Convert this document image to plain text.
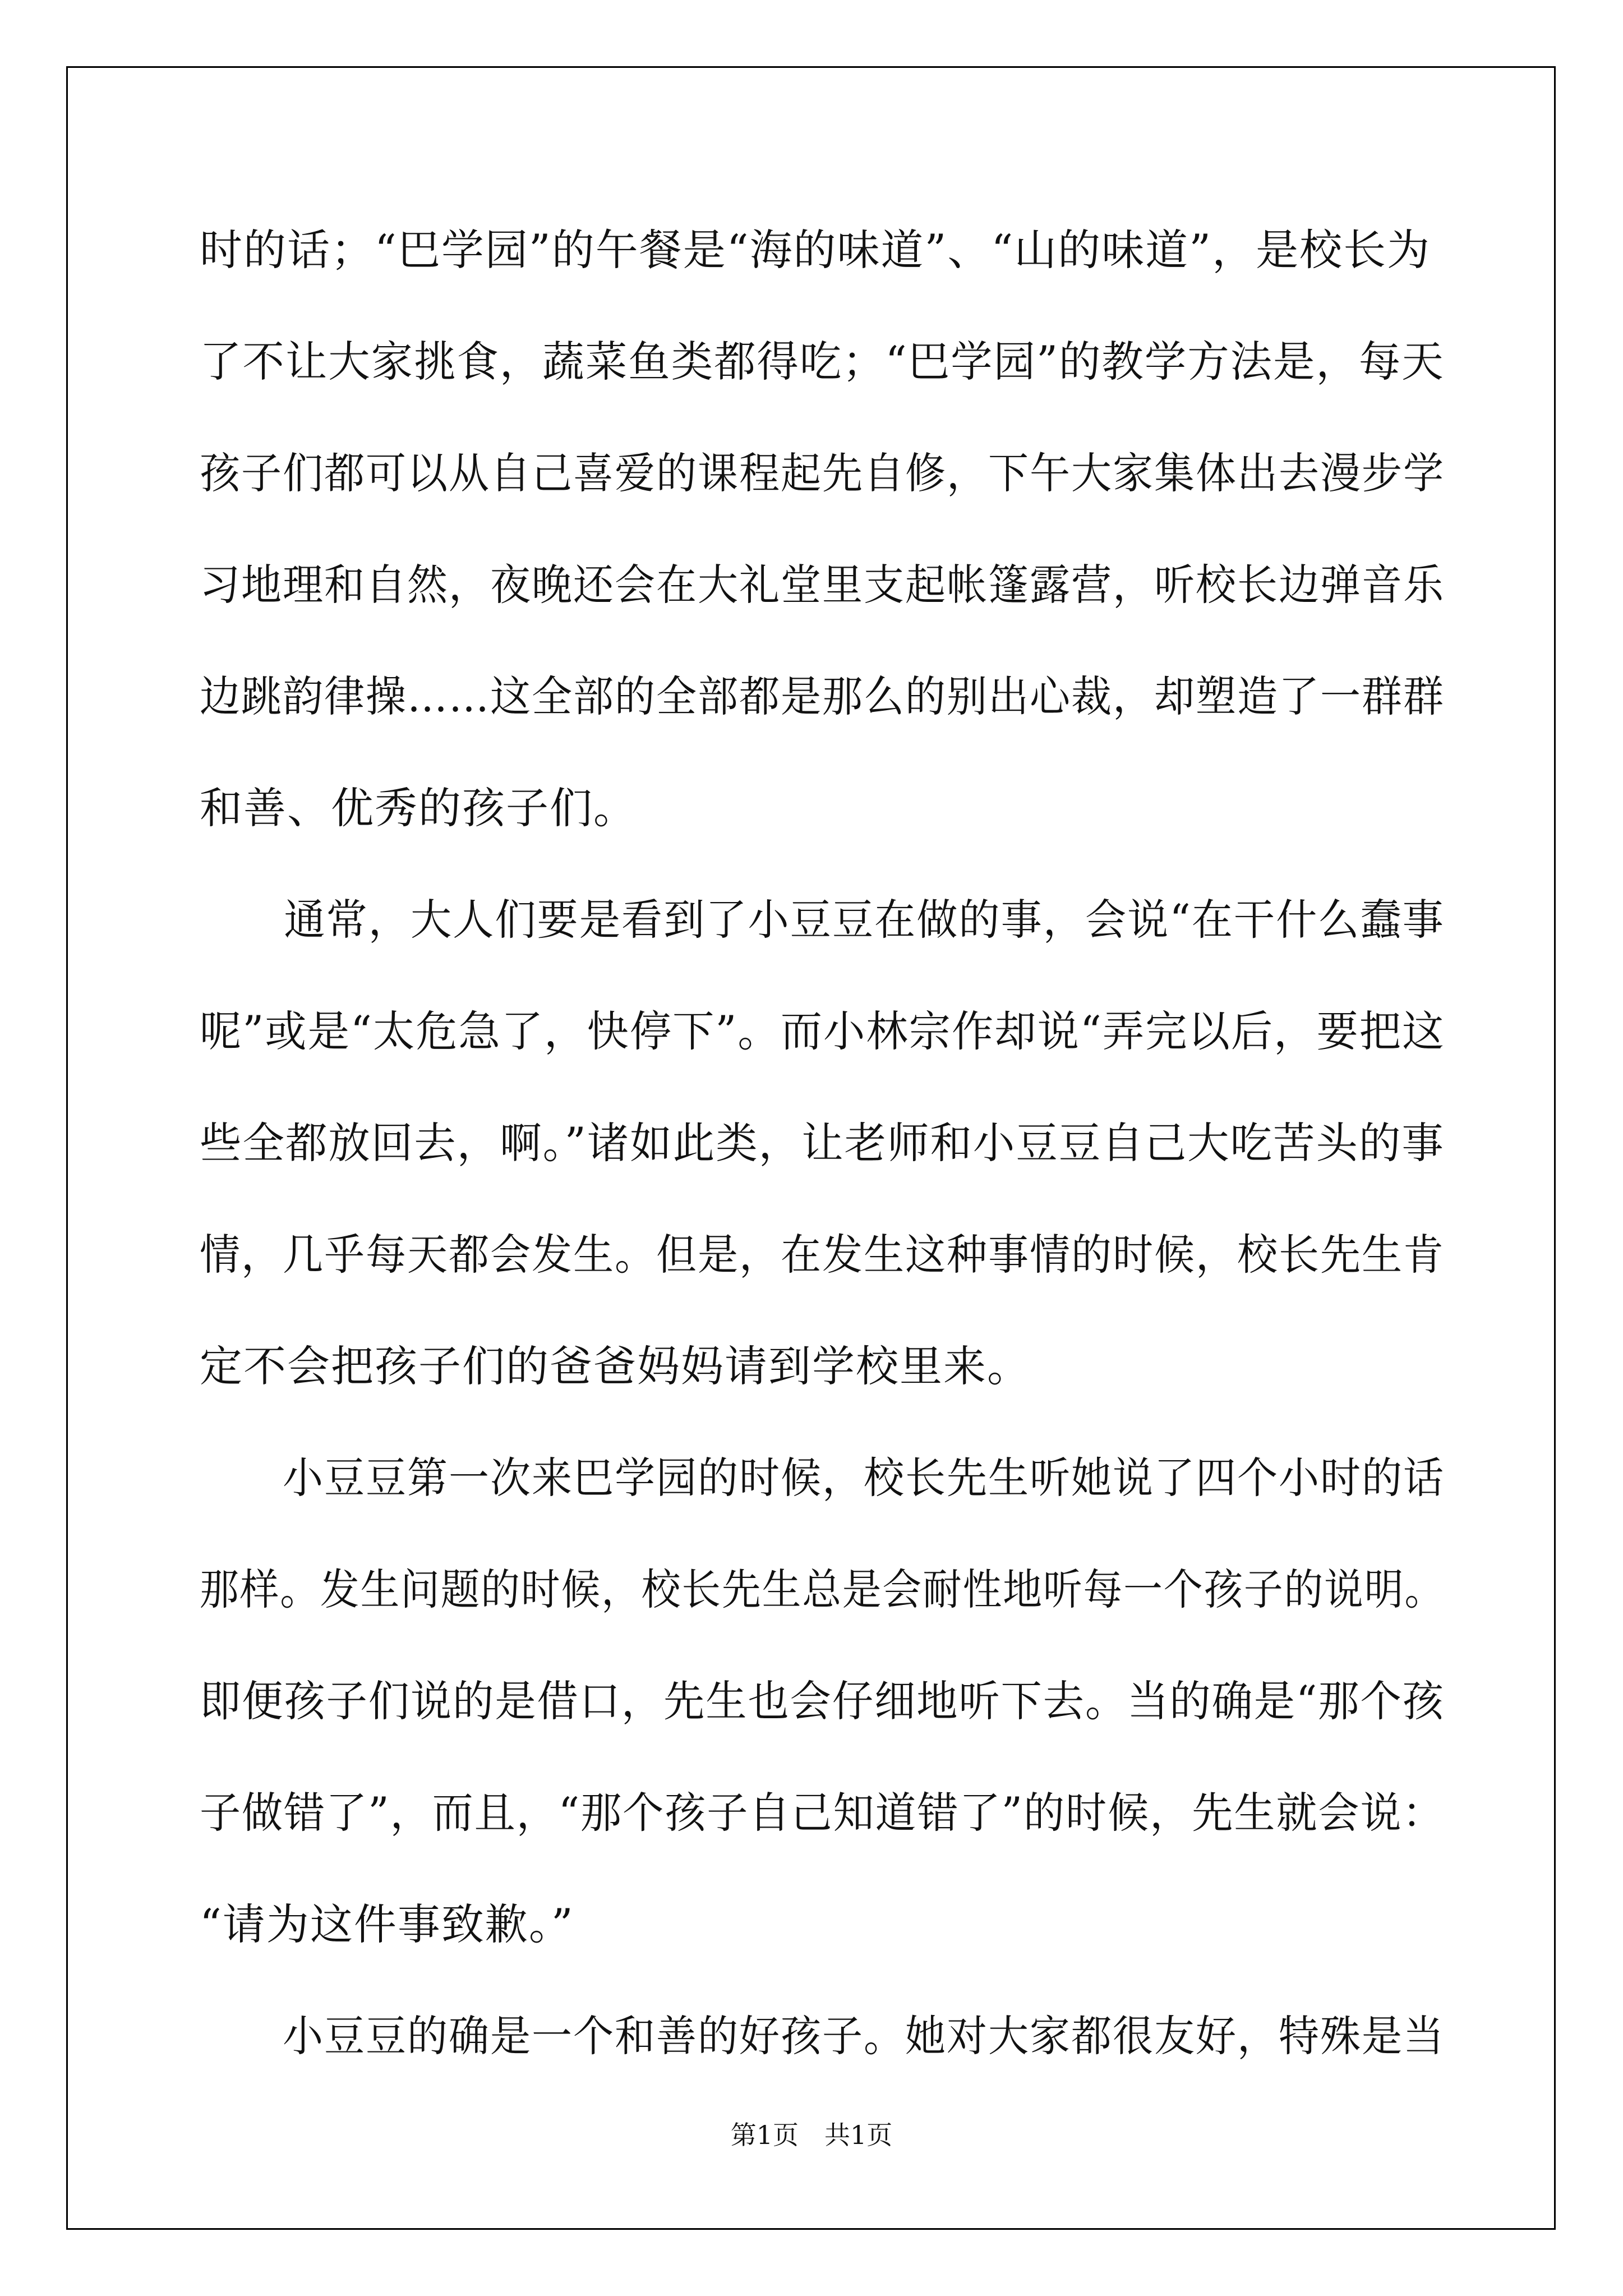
时的话；“巴学园”的午餐是“海的味道”、“山的味道”，是校长为
了不让大家挑食，蔬菜鱼类都得吃；“巴学园”的教学方法是，每天
孩子们都可以从自己喜爱的课程起先自修，下午大家集体出去漫步学
习地理和自然，夜晚还会在大礼堂里支起帐篷露营，听校长边弹音乐
边跳韵律操……这全部的全部都是那么的别出心裁，却塑造了一群群
和善、优秀的孩子们。
　　通常，大人们要是看到了小豆豆在做的事，会说“在干什么蠢事
呢”或是“太危急了，快停下”。而小林宗作却说“弄完以后，要把这
些全都放回去，啊。”诸如此类，让老师和小豆豆自己大吃苦头的事
情，几乎每天都会发生。但是，在发生这种事情的时候，校长先生肯
定不会把孩子们的爸爸妈妈请到学校里来。
　　小豆豆第一次来巴学园的时候，校长先生听她说了四个小时的话
那样。发生问题的时候，校长先生总是会耐性地听每一个孩子的说明。
即便孩子们说的是借口，先生也会仔细地听下去。当的确是“那个孩
子做错了”，而且，“那个孩子自己知道错了”的时候，先生就会说：
“请为这件事致歉。”
　　小豆豆的确是一个和善的好孩子。她对大家都很友好，特殊是当
第1页　共1页
